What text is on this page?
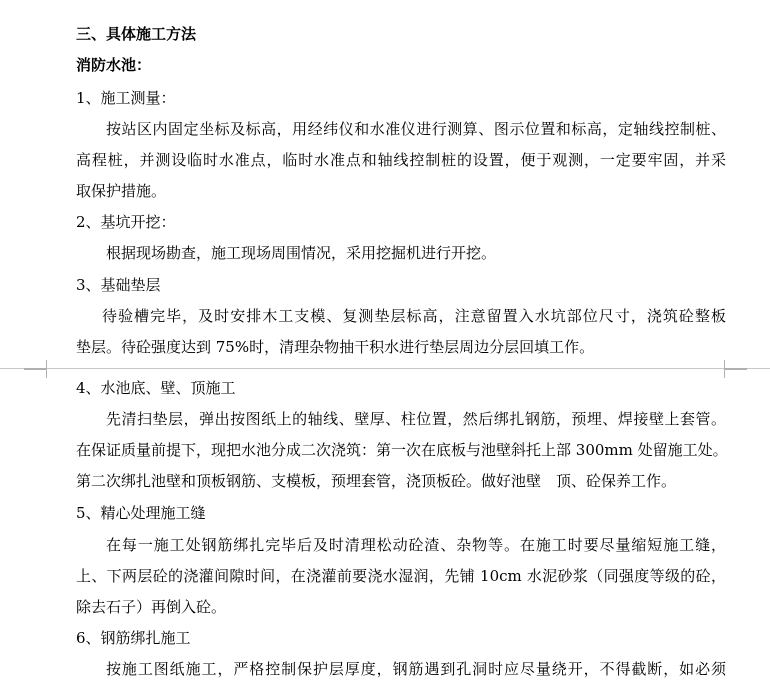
三、具体施工方法
消防水池：
1、施工测量：
按站区内固定坐标及标高，用经纬仪和水准仪进行测算、图示位置和标高，定轴线控制桩、
高程桩，并测设临时水准点，临时水准点和轴线控制桩的设置，便于观测，一定要牢固，并采
取保护措施。
2、基坑开挖：
根据现场勘查，施工现场周围情况，采用挖掘机进行开挖。
3、基础垫层
待验槽完毕，及时安排木工支模、复测垫层标高，注意留置入水坑部位尺寸，浇筑砼整板
垫层。待砼强度达到 75%时，清理杂物抽干积水进行垫层周边分层回填工作。
4、水池底、壁、顶施工
先清扫垫层，弹出按图纸上的轴线、壁厚、柱位置，然后绑扎钢筋，预埋、焊接壁上套管。
在保证质量前提下，现把水池分成二次浇筑：第一次在底板与池壁斜托上部 300mm 处留施工处。
第二次绑扎池壁和顶板钢筋、支模板，预埋套管，浇顶板砼。做好池壁　顶、砼保养工作。
5、精心处理施工缝
在每一施工处钢筋绑扎完毕后及时清理松动砼渣、杂物等。在施工时要尽量缩短施工缝，
上、下两层砼的浇灌间隙时间，在浇灌前要浇水湿润，先铺 10cm 水泥砂浆（同强度等级的砼，
除去石子）再倒入砼。
6、钢筋绑扎施工
按施工图纸施工，严格控制保护层厚度，钢筋遇到孔洞时应尽量绕开，不得截断，如必须
